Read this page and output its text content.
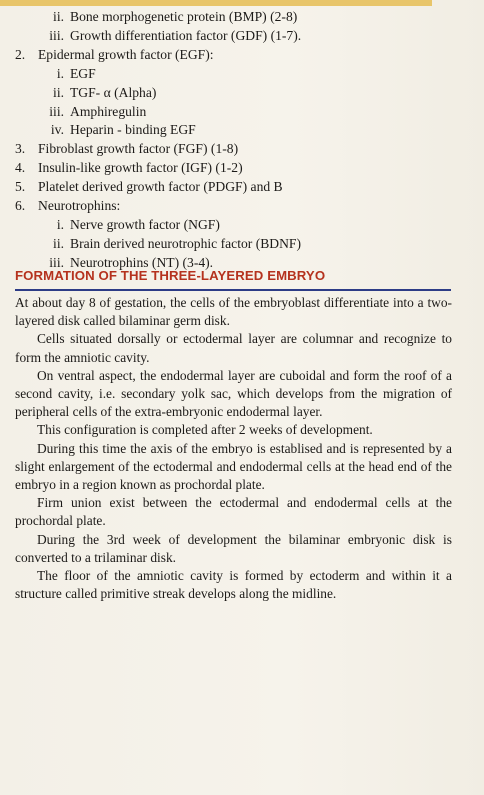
ii. Bone morphogenetic protein (BMP) (2-8)
iii. Growth differentiation factor (GDF) (1-7).
2. Epidermal growth factor (EGF):
i. EGF
ii. TGF- α (Alpha)
iii. Amphiregulin
iv. Heparin - binding EGF
3. Fibroblast growth factor (FGF) (1-8)
4. Insulin-like growth factor (IGF) (1-2)
5. Platelet derived growth factor (PDGF) and B
6. Neurotrophins:
i. Nerve growth factor (NGF)
ii. Brain derived neurotrophic factor (BDNF)
iii. Neurotrophins (NT) (3-4).
FORMATION OF THE THREE-LAYERED EMBRYO

At about day 8 of gestation, the cells of the embryoblast differentiate into a two-layered disk called bilaminar germ disk.

Cells situated dorsally or ectodermal layer are columnar and recognize to form the amniotic cavity.

On ventral aspect, the endodermal layer are cuboidal and form the roof of a second cavity, i.e. secondary yolk sac, which develops from the migration of peripheral cells of the extra-embryonic endodermal layer.

This configuration is completed after 2 weeks of development.

During this time the axis of the embryo is establised and is represented by a slight enlargement of the ectodermal and endodermal cells at the head end of the embryo in a region known as prochordal plate.

Firm union exist between the ectodermal and endodermal cells at the prochordal plate.

During the 3rd week of development the bilaminar embryonic disk is converted to a trilaminar disk.

The floor of the amniotic cavity is formed by ectoderm and within it a structure called primitive streak develops along the midline.
